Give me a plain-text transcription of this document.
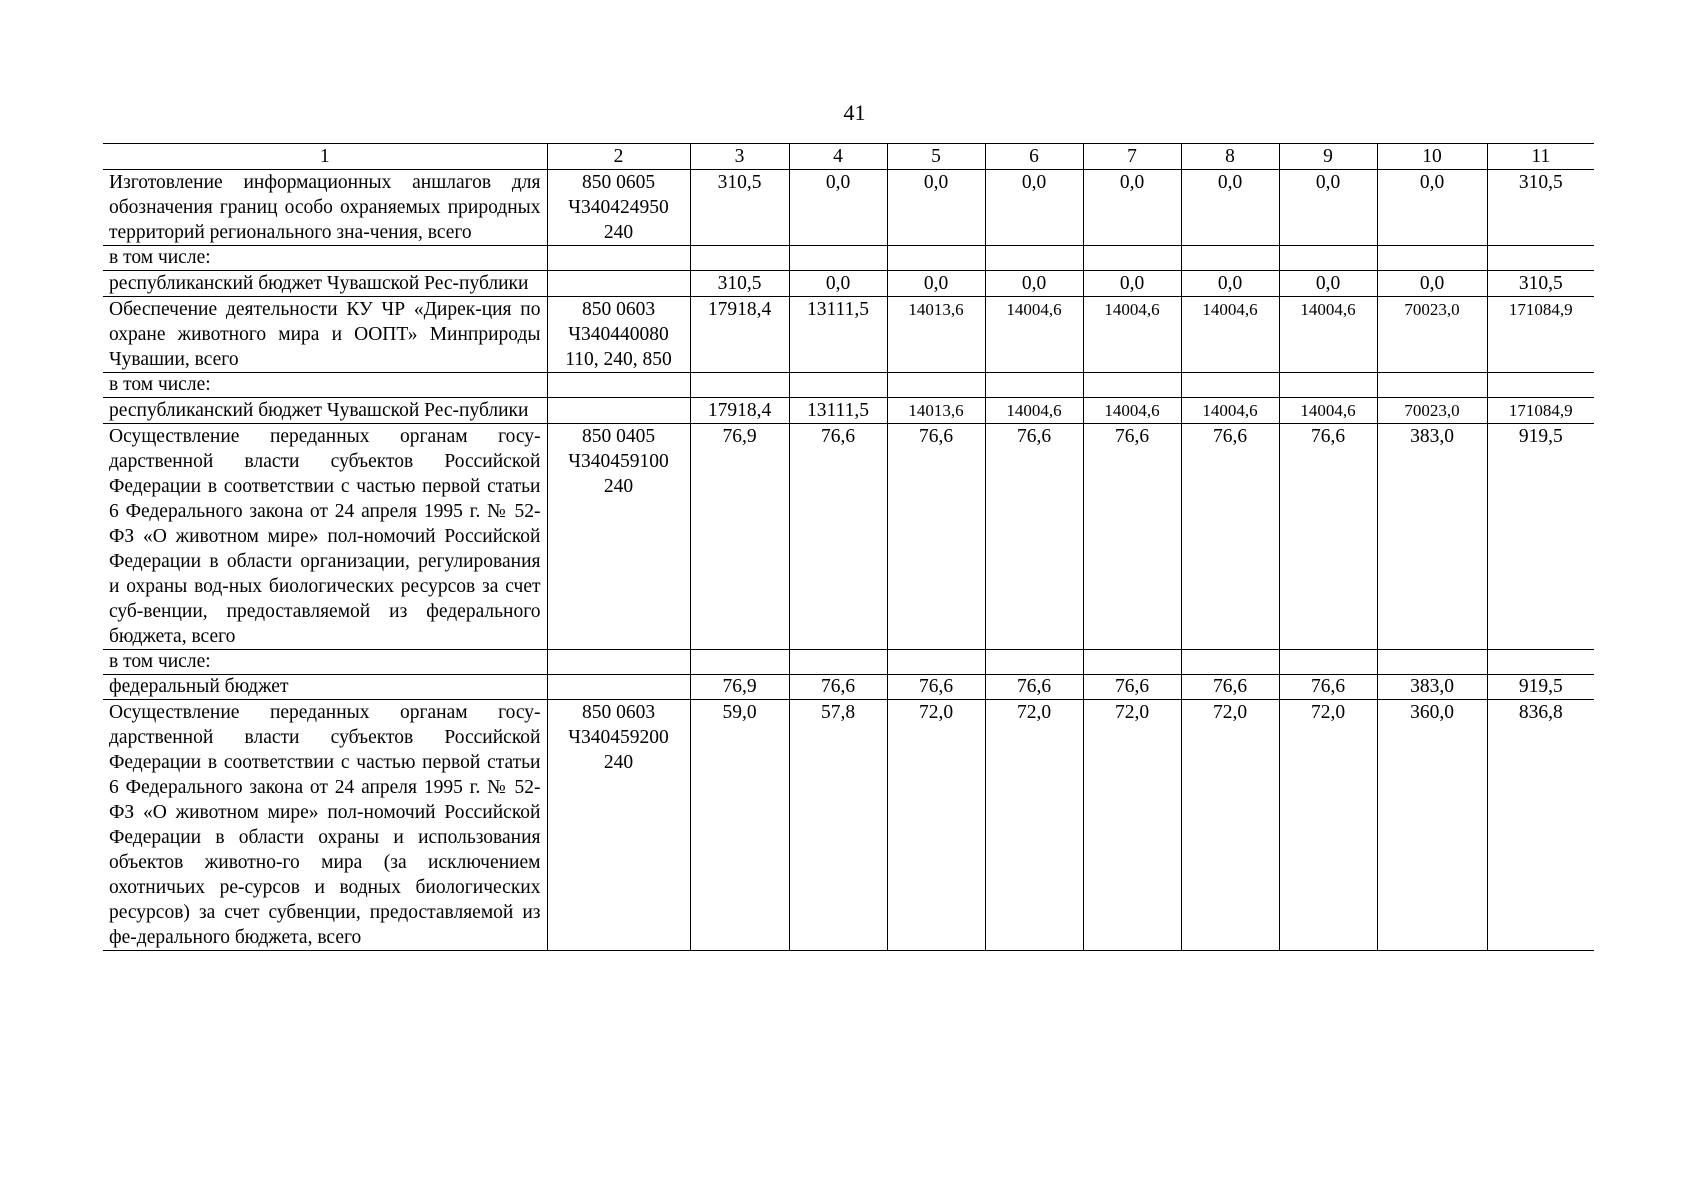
41
1	2	3	4	5	6	7	8	9	10	11
Изготовление информационных аншлагов для обозначения границ особо охраняемых природных территорий регионального зна-чения, всего	850 0605 Ч340424950 240	310,5	0,0	0,0	0,0	0,0	0,0	0,0	0,0	310,5
в том числе:										
республиканский бюджет Чувашской Рес-публики		310,5	0,0	0,0	0,0	0,0	0,0	0,0	0,0	310,5
Обеспечение деятельности КУ ЧР «Дирек-ция по охране животного мира и ООПТ» Минприроды Чувашии, всего	850 0603 Ч340440080 110, 240, 850	17918,4	13111,5	14013,6	14004,6	14004,6	14004,6	14004,6	70023,0	171084,9
в том числе:										
республиканский бюджет Чувашской Рес-публики		17918,4	13111,5	14013,6	14004,6	14004,6	14004,6	14004,6	70023,0	171084,9
Осуществление переданных органам госу-дарственной власти субъектов Российской Федерации в соответствии с частью первой статьи 6 Федерального закона от 24 апреля 1995 г. № 52-ФЗ «О животном мире» пол-номочий Российской Федерации в области организации, регулирования и охраны вод-ных биологических ресурсов за счет суб-венции, предоставляемой из федерального бюджета, всего	850 0405 Ч340459100 240	76,9	76,6	76,6	76,6	76,6	76,6	76,6	383,0	919,5
в том числе:										
федеральный бюджет		76,9	76,6	76,6	76,6	76,6	76,6	76,6	383,0	919,5
Осуществление переданных органам госу-дарственной власти субъектов Российской Федерации в соответствии с частью первой статьи 6 Федерального закона от 24 апреля 1995 г. № 52-ФЗ «О животном мире» пол-номочий Российской Федерации в области охраны и использования объектов животно-го мира (за исключением охотничьих ре-сурсов и водных биологических ресурсов) за счет субвенции, предоставляемой из фе-дерального бюджета, всего	850 0603 Ч340459200 240	59,0	57,8	72,0	72,0	72,0	72,0	72,0	360,0	836,8
